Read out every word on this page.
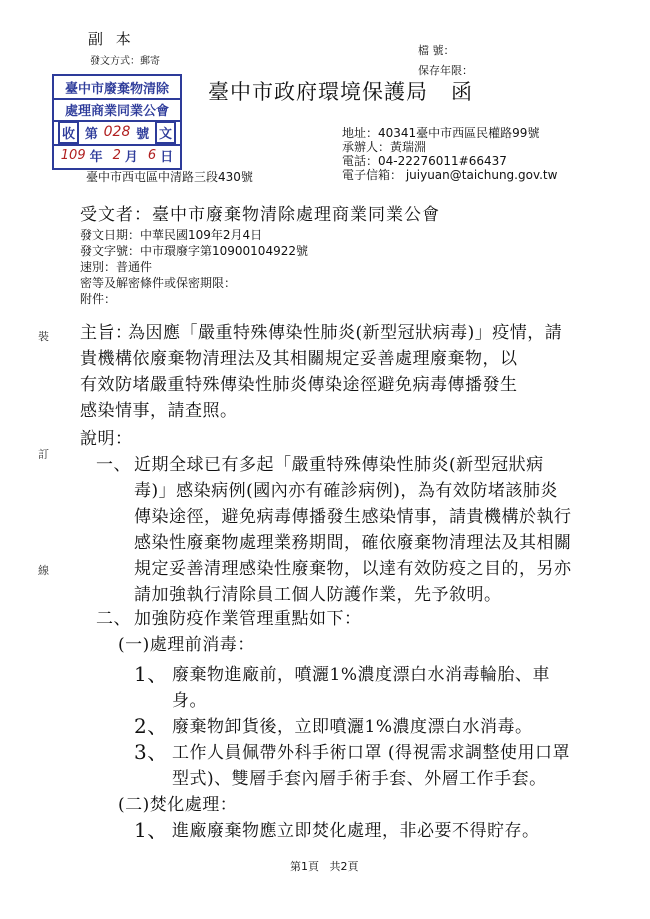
副 本
發文方式：郵寄
檔 號：
保存年限：
臺中市政府環境保護局   函
臺中市廢棄物清除
處理商業同業公會
收 第 028 號 文
109 年 2 月 6 日
臺中市西屯區中清路三段430號
地址：40341臺中市西區民權路99號
承辦人：黃瑞淵
電話：04-22276011#66437
電子信箱： juiyuan@taichung.gov.tw
受文者：臺中市廢棄物清除處理商業同業公會
發文日期：中華民國109年2月4日
發文字號：中市環廢字第10900104922號
速別：普通件
密等及解密條件或保密期限：
附件：
裝
訂
線
主旨：
為因應「嚴重特殊傳染性肺炎(新型冠狀病毒)」疫情，請
貴機構依廢棄物清理法及其相關規定妥善處理廢棄物，以
有效防堵嚴重特殊傳染性肺炎傳染途徑避免病毒傳播發生
感染情事，請查照。
說明：
一、 近期全球已有多起「嚴重特殊傳染性肺炎(新型冠狀病
毒)」感染病例(國內亦有確診病例)，為有效防堵該肺炎
傳染途徑，避免病毒傳播發生感染情事，請貴機構於執行
感染性廢棄物處理業務期間，確依廢棄物清理法及其相關
規定妥善清理感染性廢棄物，以達有效防疫之目的，另亦
請加強執行清除員工個人防護作業，先予敘明。
二、 加強防疫作業管理重點如下：
(一)處理前消毒：
1、 廢棄物進廠前，噴灑1%濃度漂白水消毒輪胎、車
身。
2、 廢棄物卸貨後，立即噴灑1%濃度漂白水消毒。
3、 工作人員佩帶外科手術口罩 (得視需求調整使用口罩
型式)、雙層手套內層手術手套、外層工作手套。
(二)焚化處理：
1、 進廠廢棄物應立即焚化處理，非必要不得貯存。
第1頁   共2頁
